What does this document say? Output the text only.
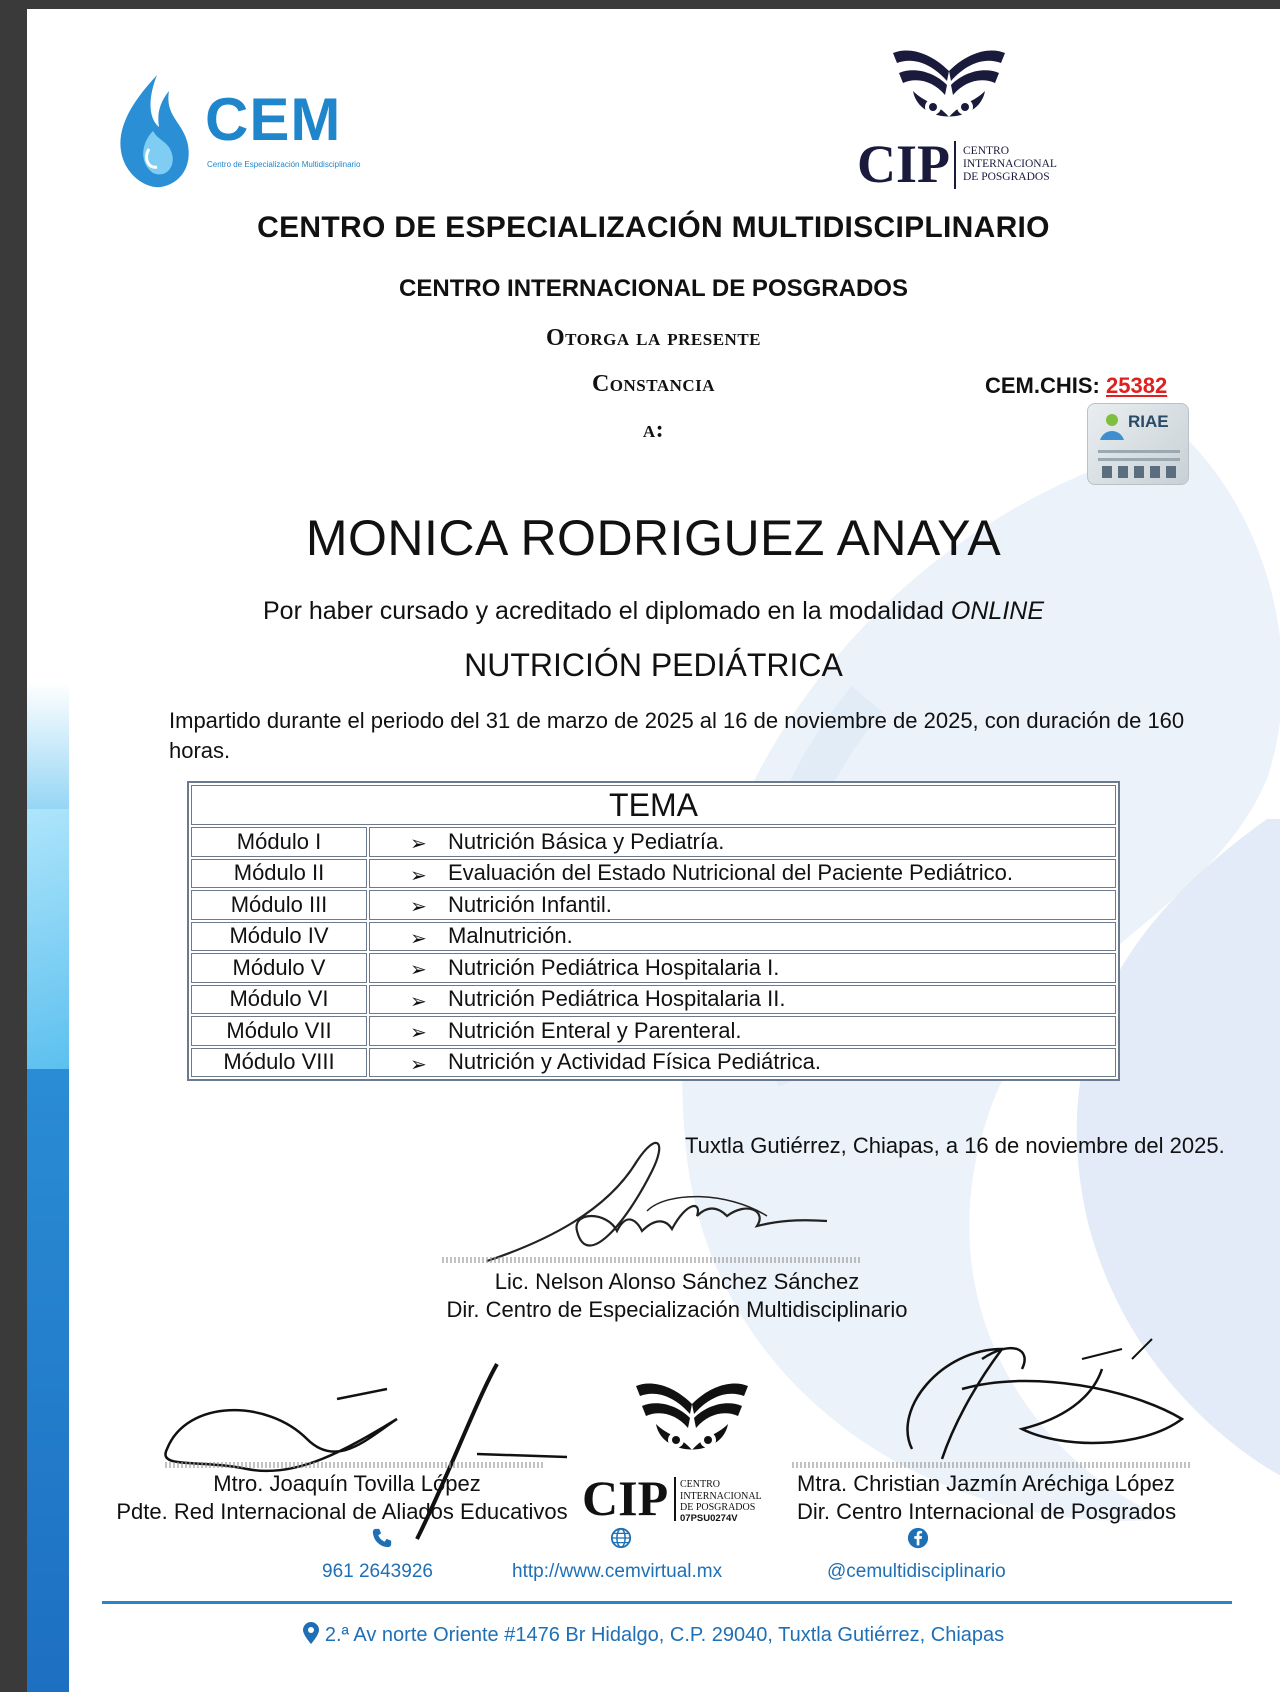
CEM
Centro de Especialización Multidisciplinario	CIP CENTRO
INTERNACIONAL
DE POSGRADOS
CENTRO DE ESPECIALIZACIÓN MULTIDISCIPLINARIO
CENTRO INTERNACIONAL DE POSGRADOS
Otorga la presente
Constancia
a:
CEM.CHIS: 25382
RIAE
MONICA RODRIGUEZ ANAYA
Por haber cursado y acreditado el diplomado en la modalidad ONLINE
NUTRICIÓN PEDIÁTRICA
Impartido durante el periodo del 31 de marzo de 2025 al 16 de noviembre de 2025, con duración de 160 horas.
TEMA	
Módulo I	➢ Nutrición Básica y Pediatría.
Módulo II	➢ Evaluación del Estado Nutricional del Paciente Pediátrico.
Módulo III	➢ Nutrición Infantil.
Módulo IV	➢ Malnutrición.
Módulo V	➢ Nutrición Pediátrica Hospitalaria I.
Módulo VI	➢ Nutrición Pediátrica Hospitalaria II.
Módulo VII	➢ Nutrición Enteral y Parenteral.
Módulo VIII	➢ Nutrición y Actividad Física Pediátrica.
Tuxtla Gutiérrez, Chiapas, a 16 de noviembre del 2025.
Lic. Nelson Alonso Sánchez Sánchez
Dir. Centro de Especialización Multidisciplinario
Mtro. Joaquín Tovilla López
Pdte. Red Internacional de Aliados Educativos
Mtra. Christian Jazmín Aréchiga López
Dir. Centro Internacional de Posgrados
CIP CENTRO
INTERNACIONAL
DE POSGRADOS
07PSU0274V
961 2643926	http://www.cemvirtual.mx	@cemultidisciplinario
2.ª Av norte Oriente #1476 Br Hidalgo, C.P. 29040, Tuxtla Gutiérrez, Chiapas
